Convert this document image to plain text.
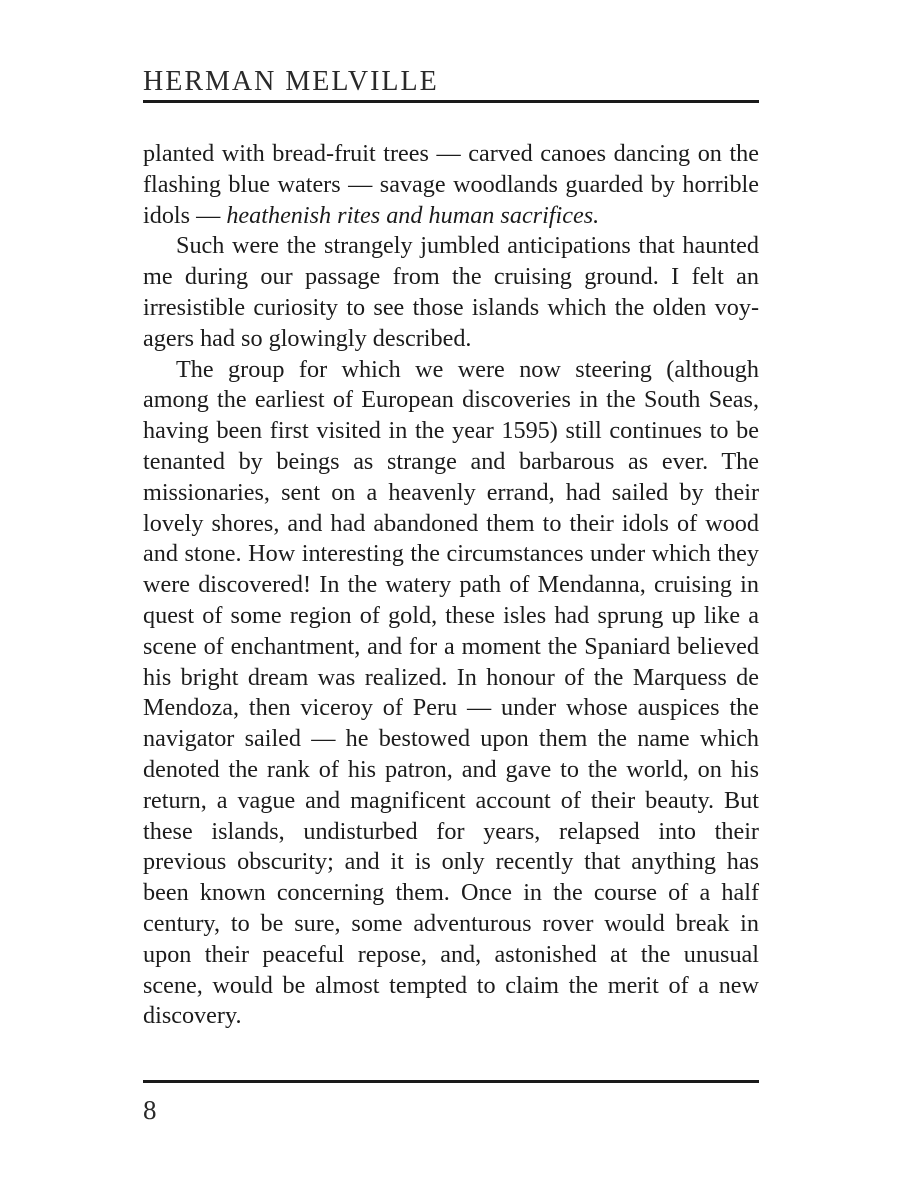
HERMAN MELVILLE

planted with bread-fruit trees — carved canoes dancing on the flashing blue waters — savage woodlands guarded by horrible idols — heathenish rites and human sacrifices.

Such were the strangely jumbled anticipations that haunted me during our passage from the cruising ground. I felt an irresistible curiosity to see those islands which the olden voyagers had so glowingly described.

The group for which we were now steering (although among the earliest of European discoveries in the South Seas, having been first visited in the year 1595) still continues to be tenanted by beings as strange and barbarous as ever. The missionaries, sent on a heavenly errand, had sailed by their lovely shores, and had abandoned them to their idols of wood and stone. How interesting the circumstances under which they were discovered! In the watery path of Mendanna, cruising in quest of some region of gold, these isles had sprung up like a scene of enchantment, and for a moment the Spaniard believed his bright dream was realized. In honour of the Marquess de Mendoza, then viceroy of Peru — under whose auspices the navigator sailed — he bestowed upon them the name which denoted the rank of his patron, and gave to the world, on his return, a vague and magnificent account of their beauty. But these islands, undisturbed for years, relapsed into their previous obscurity; and it is only recently that anything has been known concerning them. Once in the course of a half century, to be sure, some adventurous rover would break in upon their peaceful repose, and, astonished at the unusual scene, would be almost tempted to claim the merit of a new discovery.

8
